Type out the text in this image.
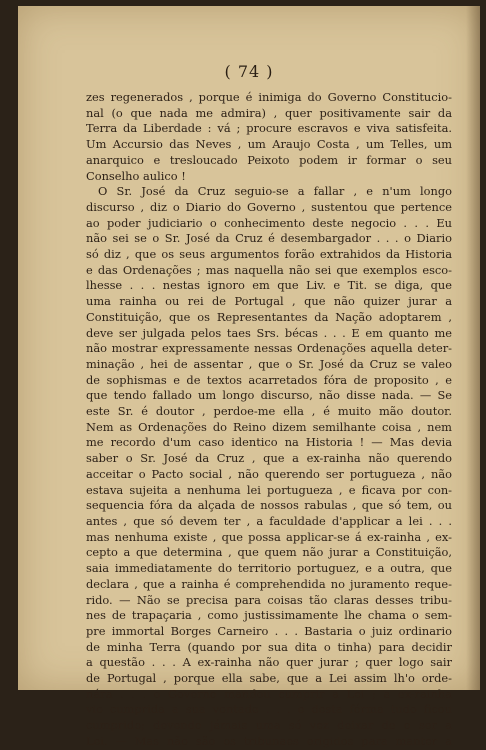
( 74 )
zes regenerados , porque é inimiga do Governo Constitucio-
nal (o que nada me admira) , quer positivamente sair da
Terra da Liberdade : vá ; procure escravos e viva satisfeita.
Um Accursio das Neves , um Araujo Costa , um Telles, um
anarquico e tresloucado Peixoto podem ir formar o seu
Conselho aulico !
O Sr. José da Cruz seguio-se a fallar , e n'um longo
discurso , diz o Diario do Governo , sustentou que pertence
ao poder judiciario o conhecimento deste negocio . . . Eu
não sei se o Sr. José da Cruz é desembargador . . . o Diario
só diz , que os seus argumentos forão extrahidos da Historia
e das Ordenações ; mas naquella não sei que exemplos esco-
lhesse . . . nestas ignoro em que Liv. e Tit. se diga, que
uma rainha ou rei de Portugal , que não quizer jurar a
Constituição, que os Representantes da Nação adoptarem ,
deve ser julgada pelos taes Srs. bécas . . . E em quanto me
não mostrar expressamente nessas Ordenações aquella deter-
minação , hei de assentar , que o Sr. José da Cruz se valeo
de sophismas e de textos acarretados fóra de proposito , e
que tendo fallado um longo discurso, não disse nada. — Se
este Sr. é doutor , perdoe-me ella , é muito mão doutor.
Nem as Ordenações do Reino dizem semilhante coisa , nem
me recordo d'um caso identico na Historia ! — Mas devia
saber o Sr. José da Cruz , que a ex-rainha não querendo
acceitar o Pacto social , não querendo ser portugueza , não
estava sujeita a nenhuma lei portugueza , e ficava por con-
sequencia fóra da alçada de nossos rabulas , que só tem, ou
antes , que só devem ter , a faculdade d'applicar a lei . . .
mas nenhuma existe , que possa applicar-se á ex-rainha , ex-
cepto a que determina , que quem não jurar a Constituição,
saia immediatamente do territorio portuguez, e a outra, que
declara , que a rainha é comprehendida no juramento reque-
rido. — Não se precisa para coisas tão claras desses tribu-
nes de trapaçaria , como justissimamente lhe chama o sem-
pre immortal Borges Carneiro . . . Bastaria o juiz ordinario
de minha Terra (quando por sua dita o tinha) para decidir
a questão . . . A ex-rainha não quer jurar ; quer logo sair
de Portugal , porque ella sabe, que a Lei assim lh'o orde-
nára . . . o Governo mandou cumprir a Lei ; a ex-rainha
vio cumprida a sua vontade . . . e desta fórma tudo ficou
cumprido; devendo jámais uma só vez deixar de o ser a
Lei. — Mas não são os tribunaes erigidos para manter a
